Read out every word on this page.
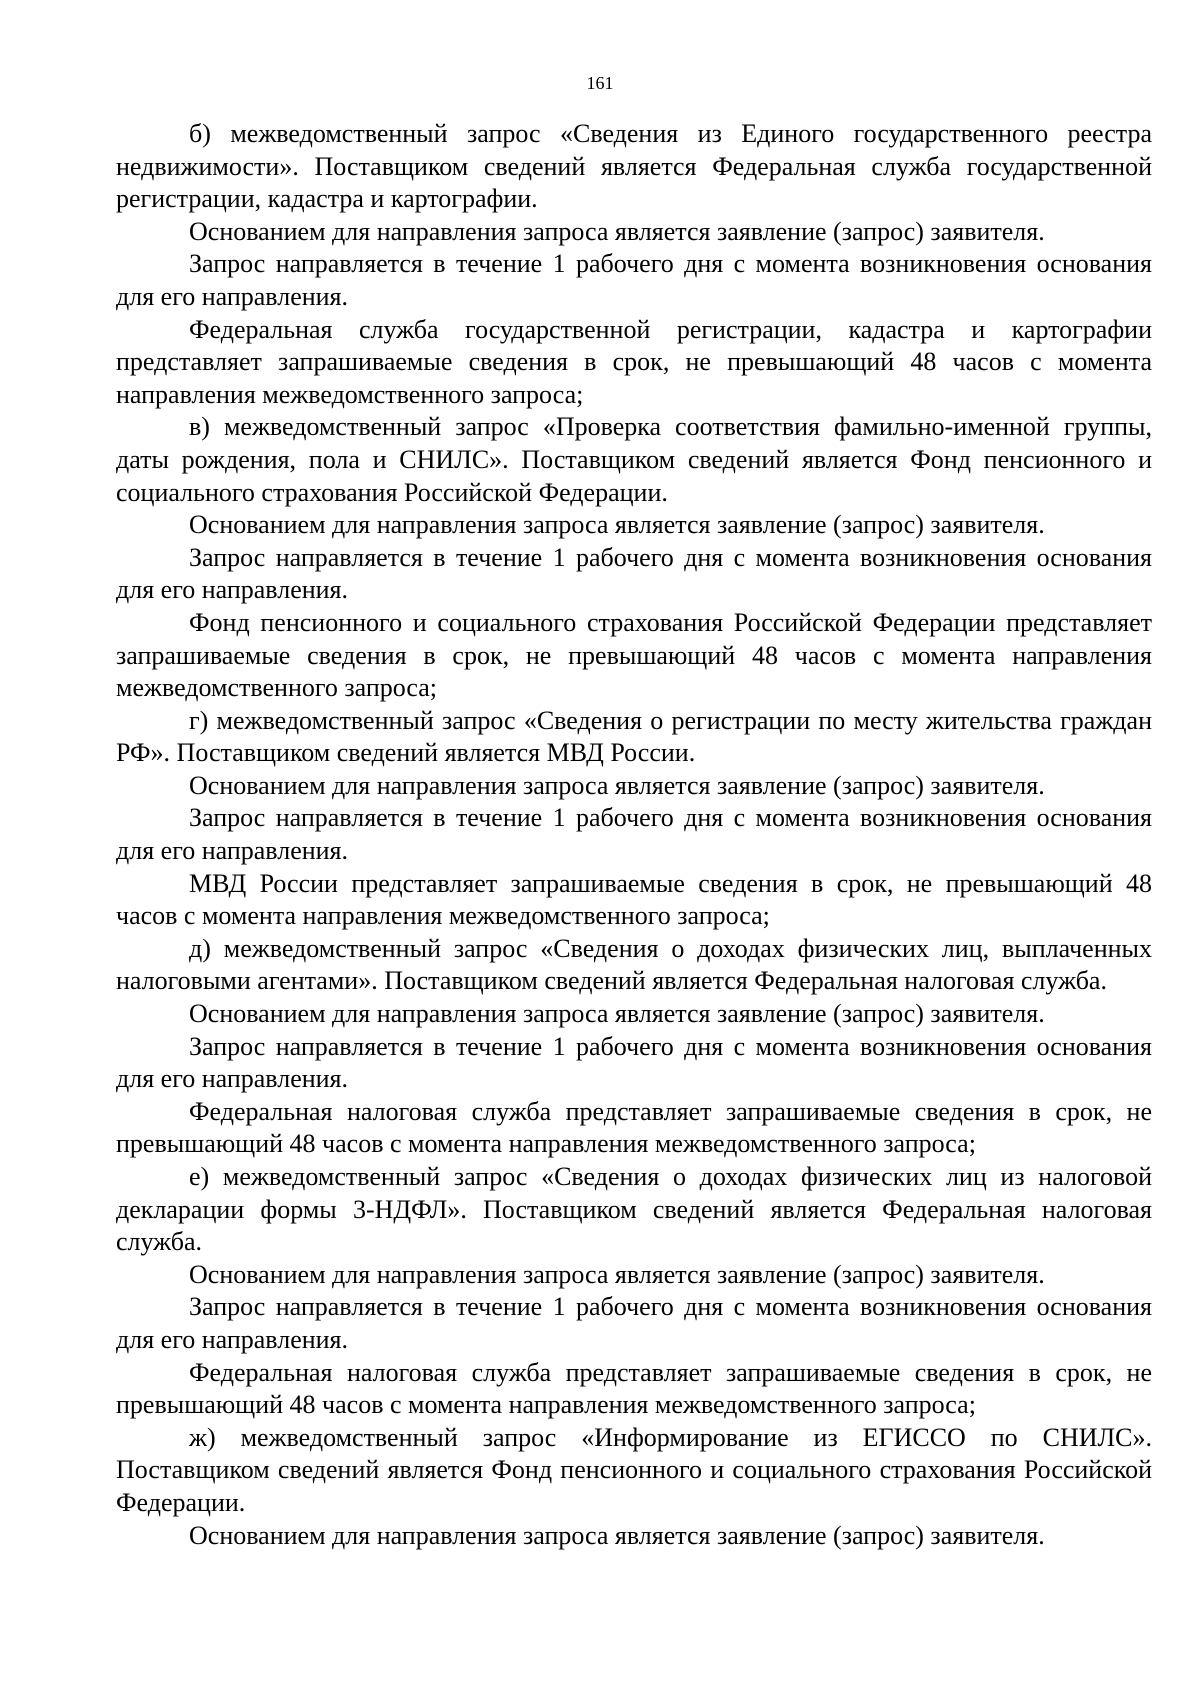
161

б) межведомственный запрос «Сведения из Единого государственного реестра недвижимости». Поставщиком сведений является Федеральная служба государственной регистрации, кадастра и картографии.

Основанием для направления запроса является заявление (запрос) заявителя.

Запрос направляется в течение 1 рабочего дня с момента возникновения основания для его направления.

Федеральная служба государственной регистрации, кадастра и картографии представляет запрашиваемые сведения в срок, не превышающий 48 часов с момента направления межведомственного запроса;

в) межведомственный запрос «Проверка соответствия фамильно-именной группы, даты рождения, пола и СНИЛС». Поставщиком сведений является Фонд пенсионного и социального страхования Российской Федерации.

Основанием для направления запроса является заявление (запрос) заявителя.

Запрос направляется в течение 1 рабочего дня с момента возникновения основания для его направления.

Фонд пенсионного и социального страхования Российской Федерации представляет запрашиваемые сведения в срок, не превышающий 48 часов с момента направления межведомственного запроса;

г) межведомственный запрос «Сведения о регистрации по месту жительства граждан РФ». Поставщиком сведений является МВД России.

Основанием для направления запроса является заявление (запрос) заявителя.

Запрос направляется в течение 1 рабочего дня с момента возникновения основания для его направления.

МВД России представляет запрашиваемые сведения в срок, не превышающий 48 часов с момента направления межведомственного запроса;

д) межведомственный запрос «Сведения о доходах физических лиц, выплаченных налоговыми агентами». Поставщиком сведений является Федеральная налоговая служба.

Основанием для направления запроса является заявление (запрос) заявителя.

Запрос направляется в течение 1 рабочего дня с момента возникновения основания для его направления.

Федеральная налоговая служба представляет запрашиваемые сведения в срок, не превышающий 48 часов с момента направления межведомственного запроса;

е) межведомственный запрос «Сведения о доходах физических лиц из налоговой декларации формы 3-НДФЛ». Поставщиком сведений является Федеральная налоговая служба.

Основанием для направления запроса является заявление (запрос) заявителя.

Запрос направляется в течение 1 рабочего дня с момента возникновения основания для его направления.

Федеральная налоговая служба представляет запрашиваемые сведения в срок, не превышающий 48 часов с момента направления межведомственного запроса;

ж) межведомственный запрос «Информирование из ЕГИССО по СНИЛС». Поставщиком сведений является Фонд пенсионного и социального страхования Российской Федерации.

Основанием для направления запроса является заявление (запрос) заявителя.
